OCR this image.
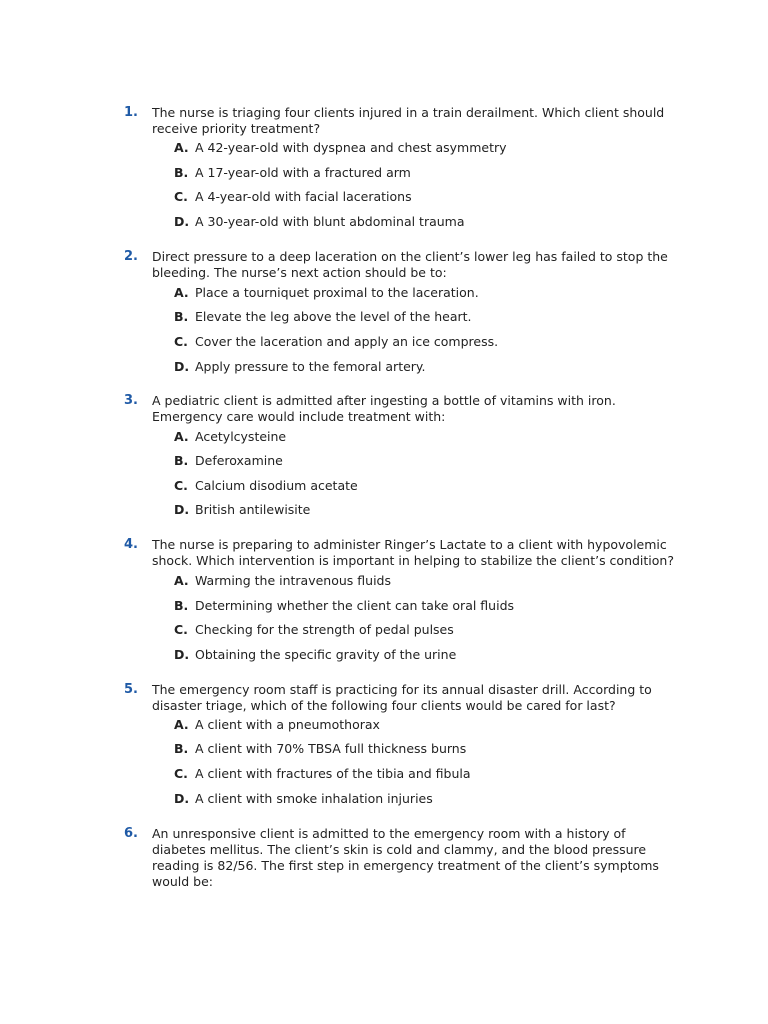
1. The nurse is triaging four clients injured in a train derailment. Which client should receive priority treatment?
A. A 42-year-old with dyspnea and chest asymmetry
B. A 17-year-old with a fractured arm
C. A 4-year-old with facial lacerations
D. A 30-year-old with blunt abdominal trauma
2. Direct pressure to a deep laceration on the client’s lower leg has failed to stop the bleeding. The nurse’s next action should be to:
A. Place a tourniquet proximal to the laceration.
B. Elevate the leg above the level of the heart.
C. Cover the laceration and apply an ice compress.
D. Apply pressure to the femoral artery.
3. A pediatric client is admitted after ingesting a bottle of vitamins with iron. Emergency care would include treatment with:
A. Acetylcysteine
B. Deferoxamine
C. Calcium disodium acetate
D. British antilewisite
4. The nurse is preparing to administer Ringer’s Lactate to a client with hypovolemic shock. Which intervention is important in helping to stabilize the client’s condition?
A. Warming the intravenous fluids
B. Determining whether the client can take oral fluids
C. Checking for the strength of pedal pulses
D. Obtaining the specific gravity of the urine
5. The emergency room staff is practicing for its annual disaster drill. According to disaster triage, which of the following four clients would be cared for last?
A. A client with a pneumothorax
B. A client with 70% TBSA full thickness burns
C. A client with fractures of the tibia and fibula
D. A client with smoke inhalation injuries
6. An unresponsive client is admitted to the emergency room with a history of diabetes mellitus. The client’s skin is cold and clammy, and the blood pressure reading is 82/56. The first step in emergency treatment of the client’s symptoms would be:
